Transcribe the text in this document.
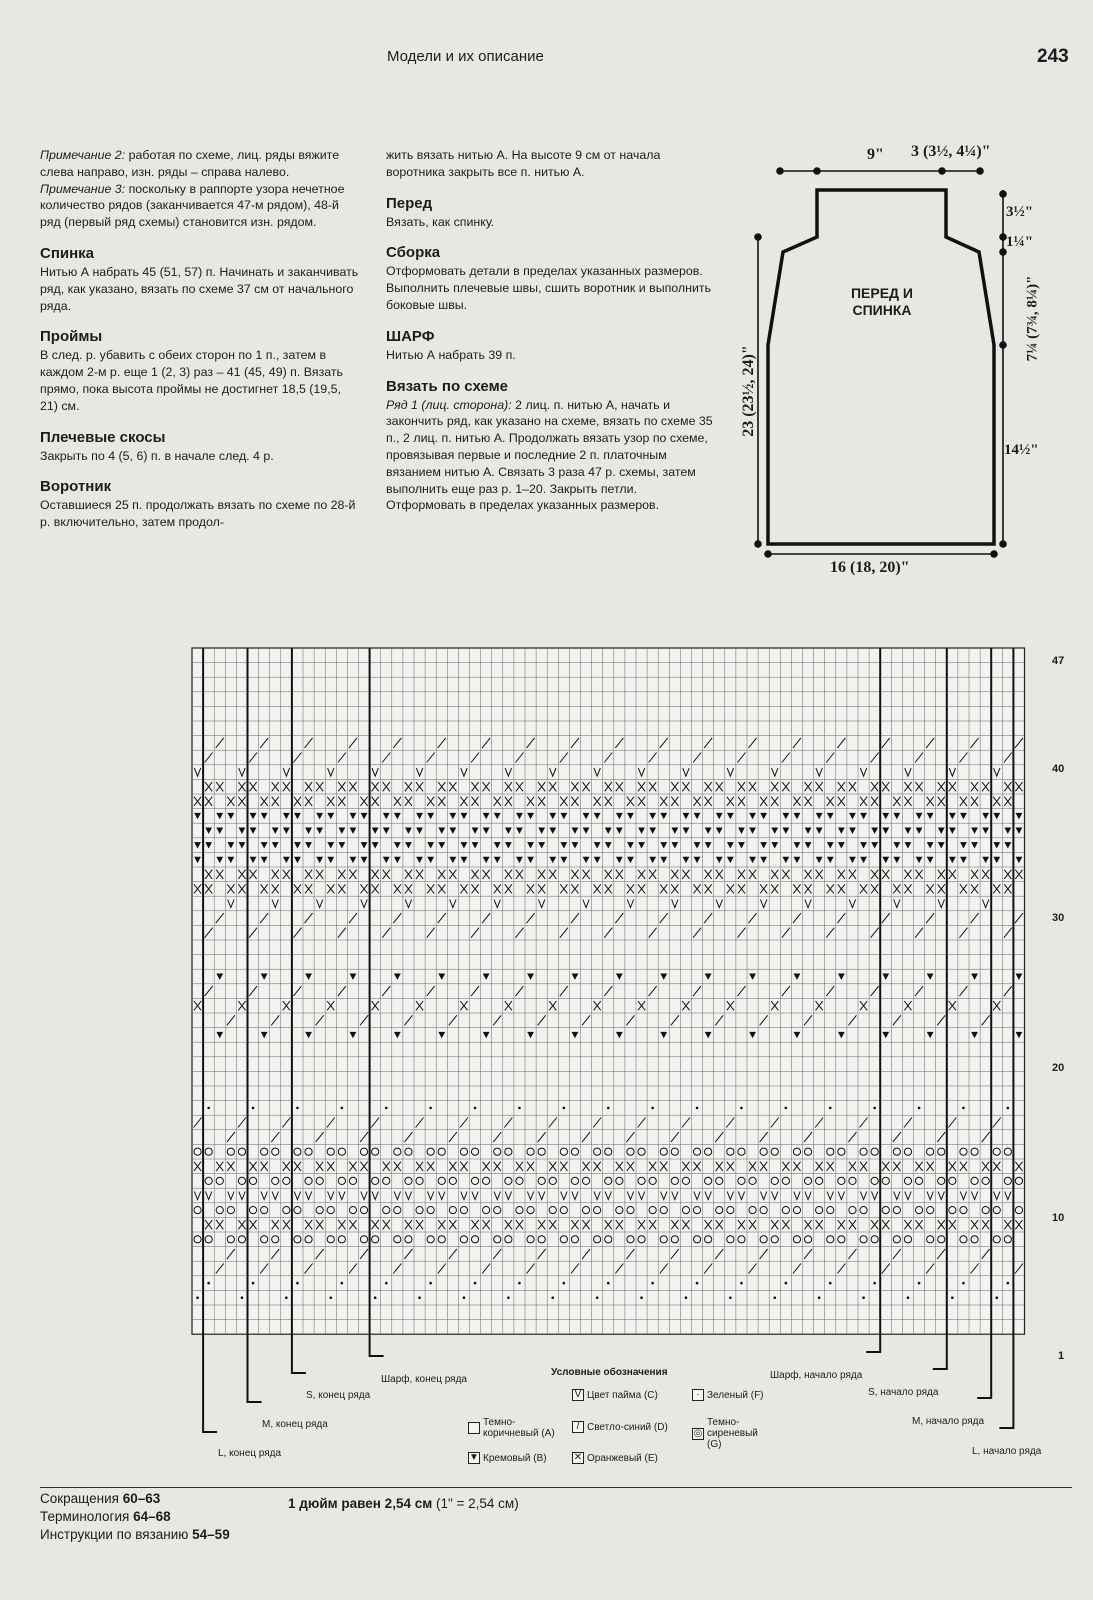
Модели и их описание	243

Примечание 2: работая по схеме, лиц. ряды вяжите слева направо, изн. ряды – справа налево. Примечание 3: поскольку в раппорте узора нечетное количество рядов (заканчивается 47-м рядом), 48-й ряд (первый ряд схемы) становится изн. рядом.

Спинка

Нитью А набрать 45 (51, 57) п. Начинать и заканчивать ряд, как указано, вязать по схеме 37 см от начального ряда.

Проймы

В след. р. убавить с обеих сторон по 1 п., затем в каждом 2-м р. еще 1 (2, 3) раз – 41 (45, 49) п. Вязать прямо, пока высота проймы не достигнет 18,5 (19,5, 21) см.

Плечевые скосы

Закрыть по 4 (5, 6) п. в начале след. 4 р.

Воротник

Оставшиеся 25 п. продолжать вязать по схеме по 28-й р. включительно, затем продол-

жить вязать нитью А. На высоте 9 см от начала воротника закрыть все п. нитью А.

Перед

Вязать, как спинку.

Сборка

Отформовать детали в пределах указанных размеров. Выполнить плечевые швы, сшить воротник и выполнить боковые швы.

ШАРФ

Нитью А набрать 39 п.

Вязать по схеме

Ряд 1 (лиц. сторона): 2 лиц. п. нитью А, начать и закончить ряд, как указано на схеме, вязать по схеме 35 п., 2 лиц. п. нитью А. Продолжать вязать узор по схеме, провязывая первые и последние 2 п. платочным вязанием нитью А. Связать 3 раза 47 р. схемы, затем выполнить еще раз р. 1–20. Закрыть петли. Отформовать в пределах указанных размеров.

9" 3 (3½, 4¼)"
3½"
1¼"
7¼ (7¾, 8¼)"
14½"
23 (23½, 24)"
16 (18, 20)"
ПЕРЕД И
СПИНКА
47
40
30
20
10
1
Шарф, конец ряда
S, конец ряда
M, конец ряда
L, конец ряда
Шарф, начало ряда
S, начало ряда
M, начало ряда
L, начало ряда
Условные обозначения
V Цвет пайма (С)	· Зеленый (F)
Темно-коричневый (A)
/ Светло-синий (D)
◎
Темно-сиреневый (G)
▼ Кремовый (B)	✕ Оранжевый (E)
Сокращения 60–63
Терминология 64–68
Инструкции по вязанию 54–59
1 дюйм равен 2,54 см (1" = 2,54 см)
